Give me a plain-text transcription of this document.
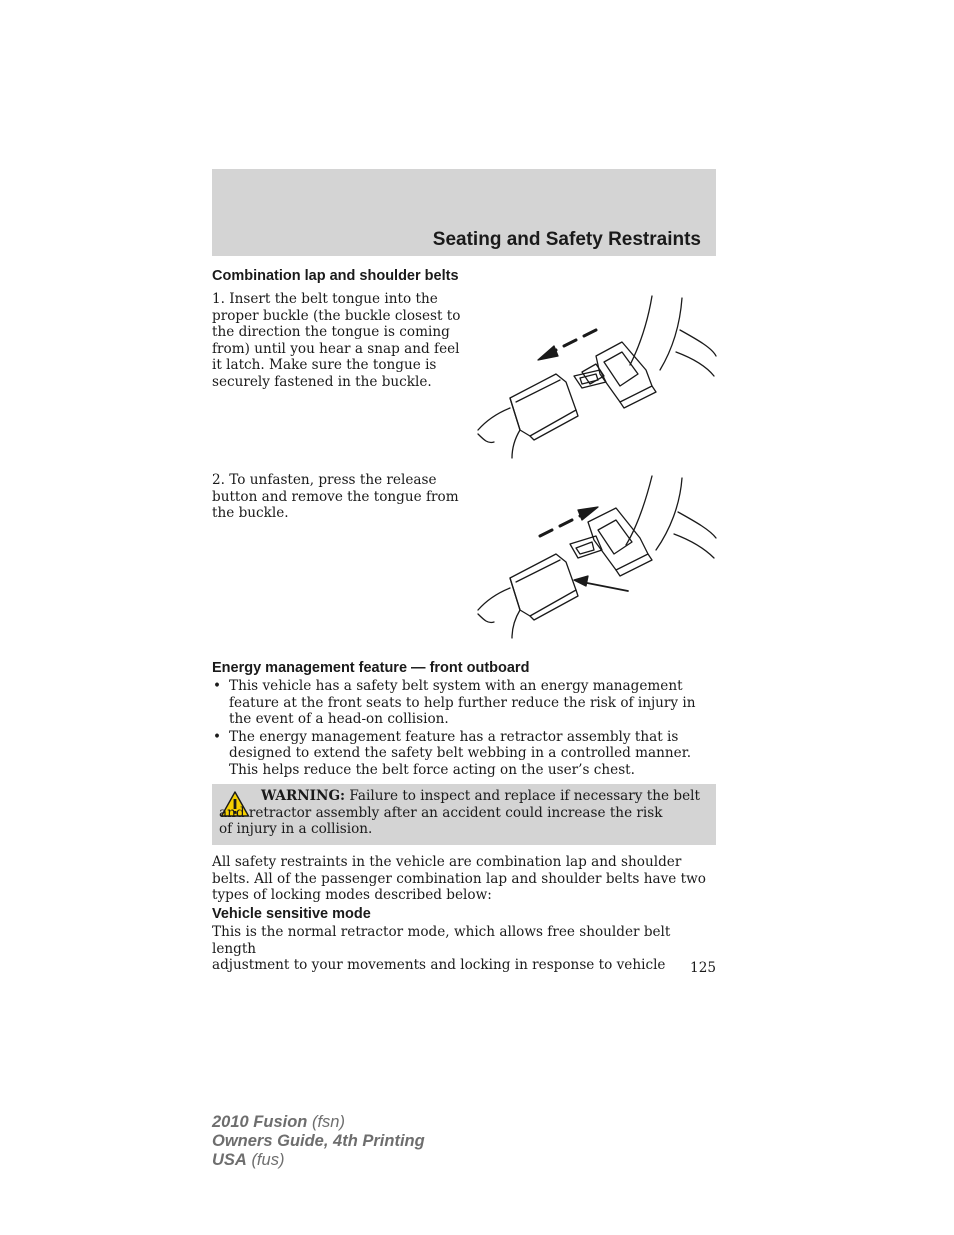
Seating and Safety Restraints
Combination lap and shoulder belts
1. Insert the belt tongue into the
proper buckle (the buckle closest to
the direction the tongue is coming
from) until you hear a snap and feel
it latch. Make sure the tongue is
securely fastened in the buckle.
2. To unfasten, press the release
button and remove the tongue from
the buckle.
Energy management feature — front outboard
• This vehicle has a safety belt system with an energy management
feature at the front seats to help further reduce the risk of injury in
the event of a head-on collision.
• The energy management feature has a retractor assembly that is
designed to extend the safety belt webbing in a controlled manner.
This helps reduce the belt force acting on the user’s chest.
WARNING: Failure to inspect and replace if necessary the belt
and retractor assembly after an accident could increase the risk
of injury in a collision.
All safety restraints in the vehicle are combination lap and shoulder
belts. All of the passenger combination lap and shoulder belts have two
types of locking modes described below:
Vehicle sensitive mode
This is the normal retractor mode, which allows free shoulder belt length
adjustment to your movements and locking in response to vehicle	125
2010 Fusion (fsn)
Owners Guide, 4th Printing
USA (fus)
